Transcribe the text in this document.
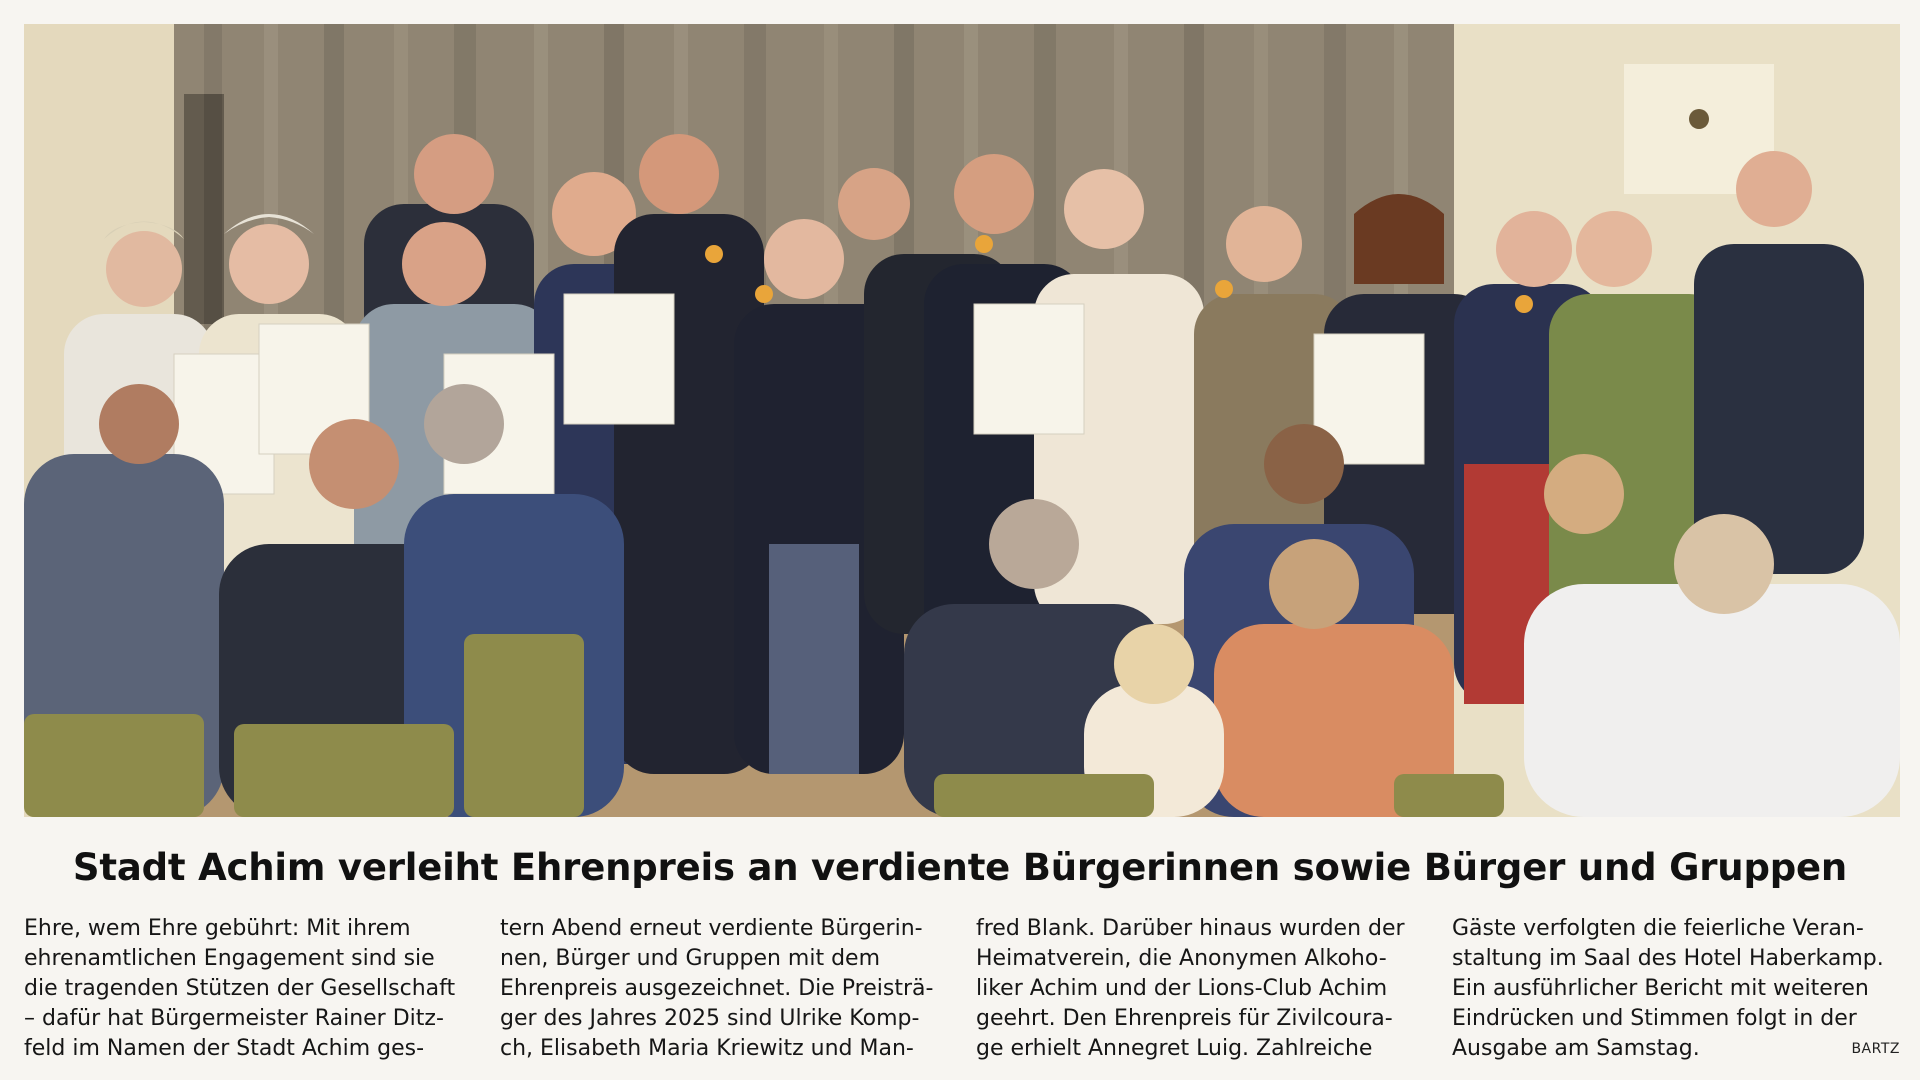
Stadt Achim verleiht Ehrenpreis an verdiente Bürgerinnen sowie Bürger und Gruppen
Ehre, wem Ehre gebührt: Mit ihrem
ehrenamtlichen Engagement sind sie
die tragenden Stützen der Gesellschaft
– dafür hat Bürgermeister Rainer Ditz-
feld im Namen der Stadt Achim ges-
tern Abend erneut verdiente Bürgerin-
nen, Bürger und Gruppen mit dem
Ehrenpreis ausgezeichnet. Die Preisträ-
ger des Jahres 2025 sind Ulrike Komp-
ch, Elisabeth Maria Kriewitz und Man-
fred Blank. Darüber hinaus wurden der
Heimatverein, die Anonymen Alkoho-
liker Achim und der Lions-Club Achim
geehrt. Den Ehrenpreis für Zivilcoura-
ge erhielt Annegret Luig. Zahlreiche
Gäste verfolgten die feierliche Veran-
staltung im Saal des Hotel Haberkamp.
Ein ausführlicher Bericht mit weiteren
Eindrücken und Stimmen folgt in der
Ausgabe am Samstag.	BARTZ
